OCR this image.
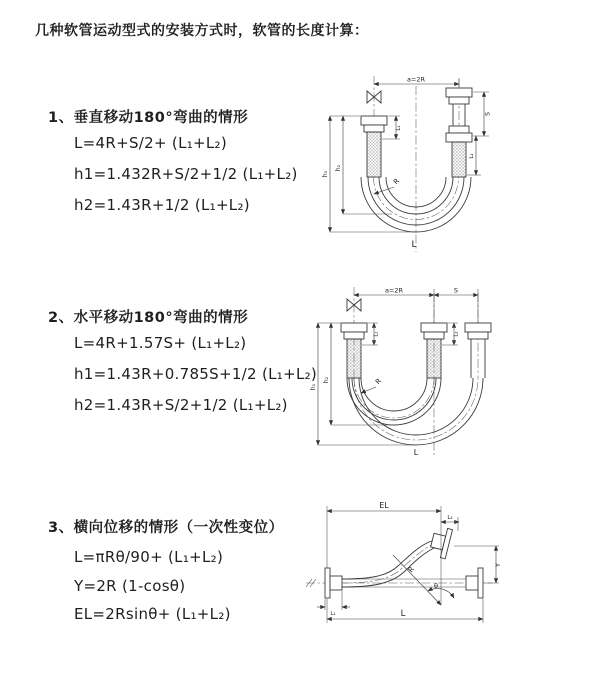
几种软管运动型式的安装方式时，软管的长度计算：
1、垂直移动180°弯曲的情形
L=4R+S/2+ (L₁+L₂)
h1=1.432R+S/2+1/2 (L₁+L₂)
h2=1.43R+1/2 (L₁+L₂)
2、水平移动180°弯曲的情形
L=4R+1.57S+ (L₁+L₂)
h1=1.43R+0.785S+1/2 (L₁+L₂)
h2=1.43R+S/2+1/2 (L₁+L₂)
3、横向位移的情形（一次性变位）
L=πRθ/90+ (L₁+L₂)
Y=2R (1-cosθ)
EL=2Rsinθ+ (L₁+L₂)
a=2R
S
L₂
L₁
h₁
h₂
R
L
a=2R	S
h₁
h₂
L₁	L₂
R
L
θ
R
EL
L₂
Y
L
L₁
